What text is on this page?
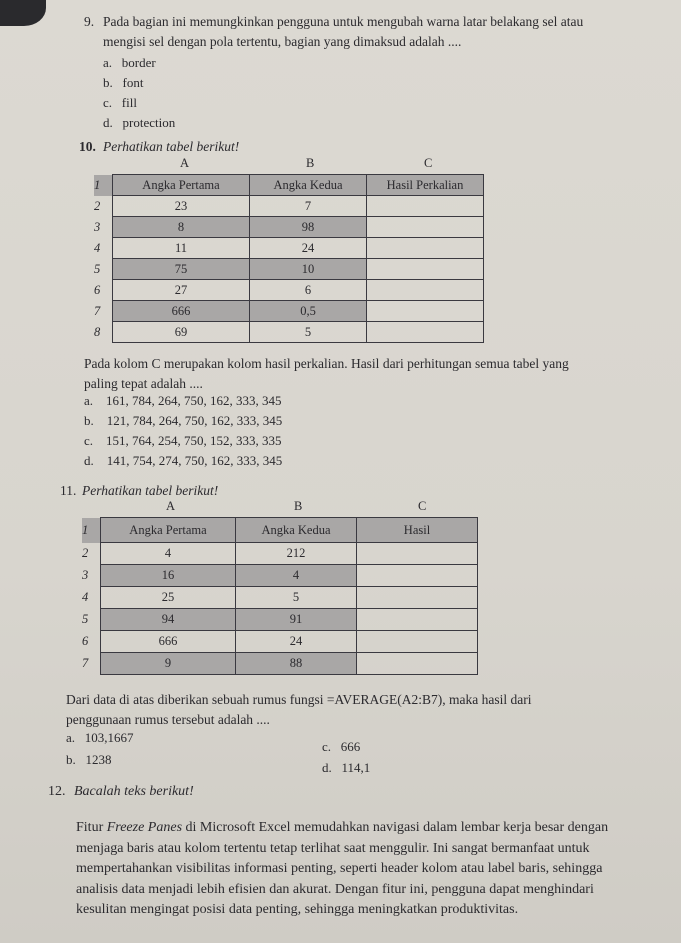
9. Pada bagian ini memungkinkan pengguna untuk mengubah warna latar belakang sel atau
mengisi sel dengan pola tertentu, bagian yang dimaksud adalah ....
a. border
b. font
c. fill
d. protection
10. Perhatikan tabel berikut!
A	B	C
1	Angka Pertama	Angka Kedua	Hasil Perkalian
2	23	7	
3	8	98	
4	11	24	
5	75	10	
6	27	6	
7	666	0,5	
8	69	5	
Pada kolom C merupakan kolom hasil perkalian. Hasil dari perhitungan semua tabel yang
paling tepat adalah ....
a. 161, 784, 264, 750, 162, 333, 345
b. 121, 784, 264, 750, 162, 333, 345
c. 151, 764, 254, 750, 152, 333, 335
d. 141, 754, 274, 750, 162, 333, 345
11. Perhatikan tabel berikut!
A	B	C
1	Angka Pertama	Angka Kedua	Hasil
2	4	212	
3	16	4	
4	25	5	
5	94	91	
6	666	24	
7	9	88	
Dari data di atas diberikan sebuah rumus fungsi =AVERAGE(A2:B7), maka hasil dari
penggunaan rumus tersebut adalah ....
a. 103,1667
b. 1238
c. 666
d. 114,1
12. Bacalah teks berikut!
Fitur Freeze Panes di Microsoft Excel memudahkan navigasi dalam lembar kerja besar dengan
menjaga baris atau kolom tertentu tetap terlihat saat menggulir. Ini sangat bermanfaat untuk
mempertahankan visibilitas informasi penting, seperti header kolom atau label baris, sehingga
analisis data menjadi lebih efisien dan akurat. Dengan fitur ini, pengguna dapat menghindari
kesulitan mengingat posisi data penting, sehingga meningkatkan produktivitas.
